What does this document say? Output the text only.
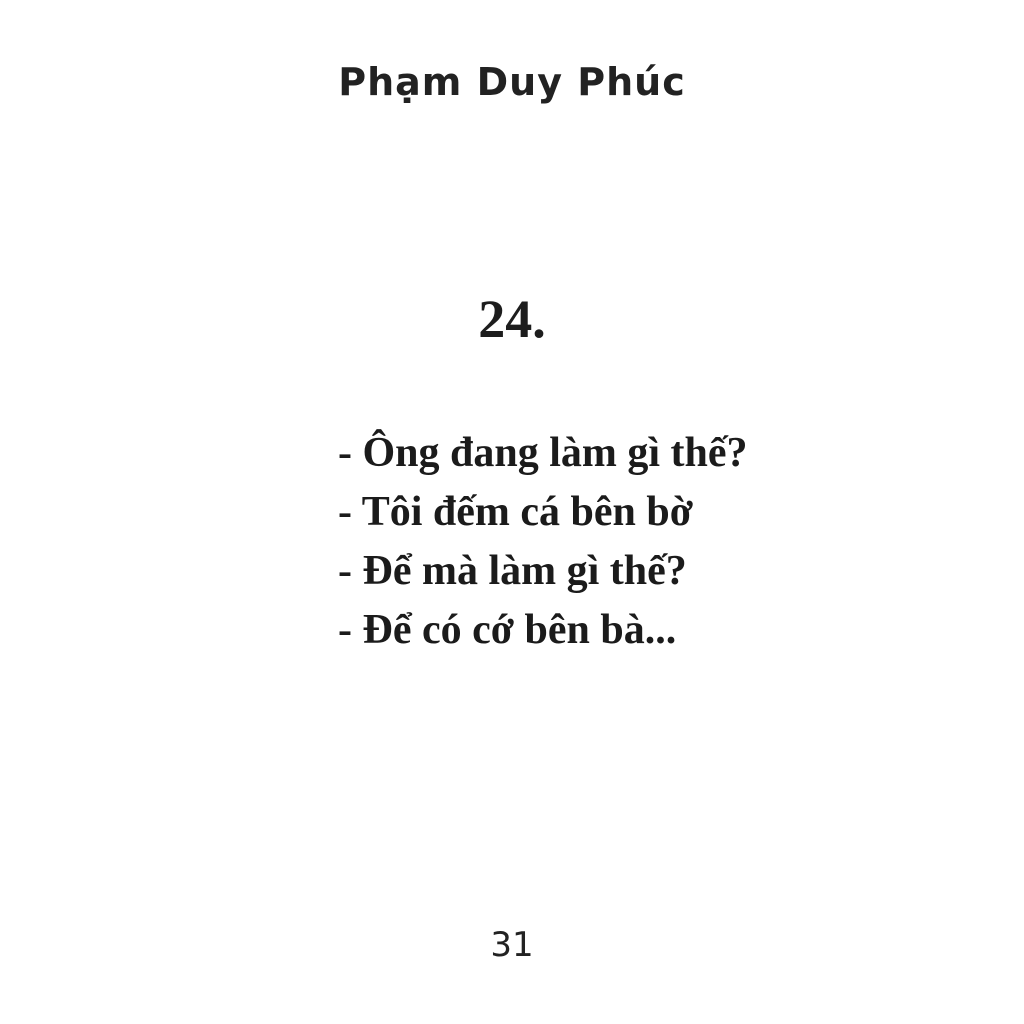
Phạm Duy Phúc
24.
- Ông đang làm gì thế?
- Tôi đếm cá bên bờ
- Để mà làm gì thế?
- Để có cớ bên bà...
31
